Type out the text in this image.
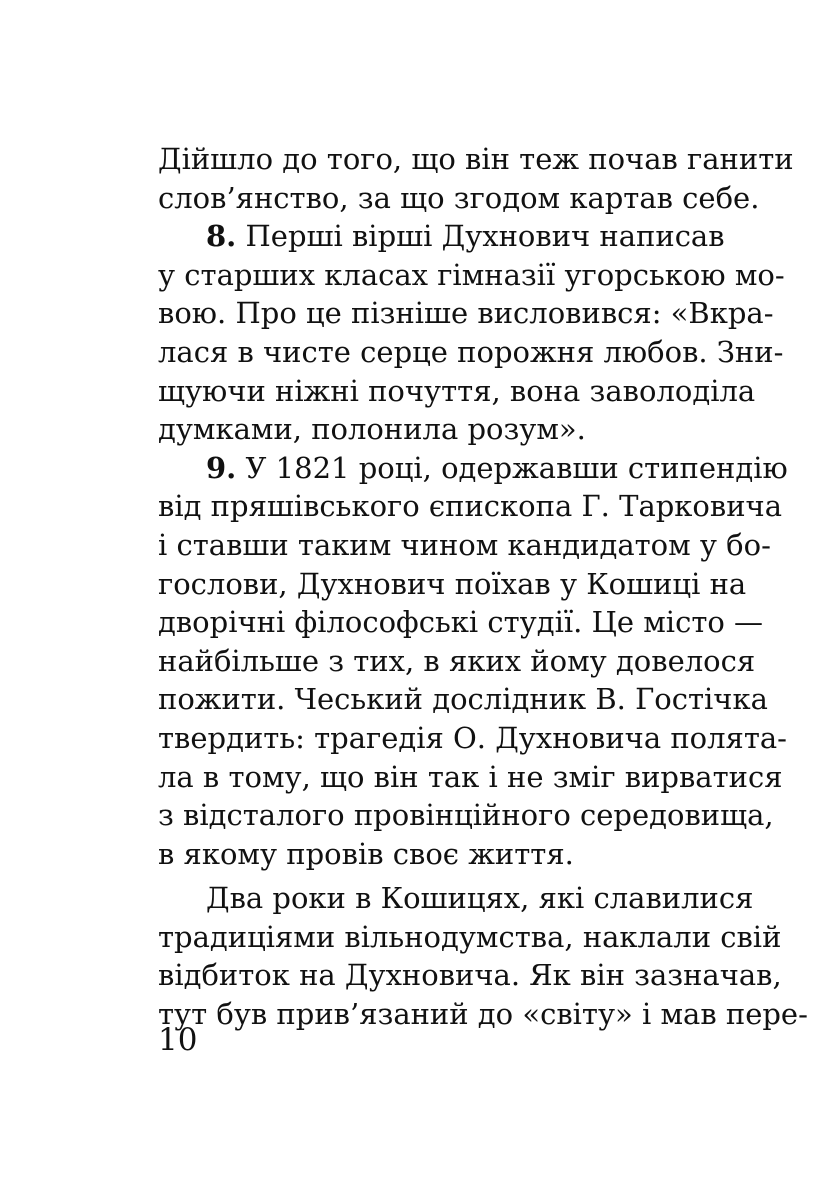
Дійшло до того, що він теж почав ганити
слов’янство, за що згодом картав себе.
8. Перші вірші Духнович написав
у старших класах гімназії угорською мо-
вою. Про це пізніше висловився: «Вкра-
лася в чисте серце порожня любов. Зни-
щуючи ніжні почуття, вона заволоділа
думками, полонила розум».
9. У 1821 році, одержавши стипендію
від пряшівського єпископа Г. Тарковича
і ставши таким чином кандидатом у бо-
гослови, Духнович поїхав у Кошиці на
дворічні філософські студії. Це місто —
найбільше з тих, в яких йому довелося
пожити. Чеський дослідник В. Гостічка
твердить: трагедія О. Духновича полята-
ла в тому, що він так і не зміг вирватися
з відсталого провінційного середовища,
в якому провів своє життя.
Два роки в Кошицях, які славилися
традиціями вільнодумства, наклали свій
відбиток на Духновича. Як він зазначав,
тут був прив’язаний до «світу» і мав пере-
10
